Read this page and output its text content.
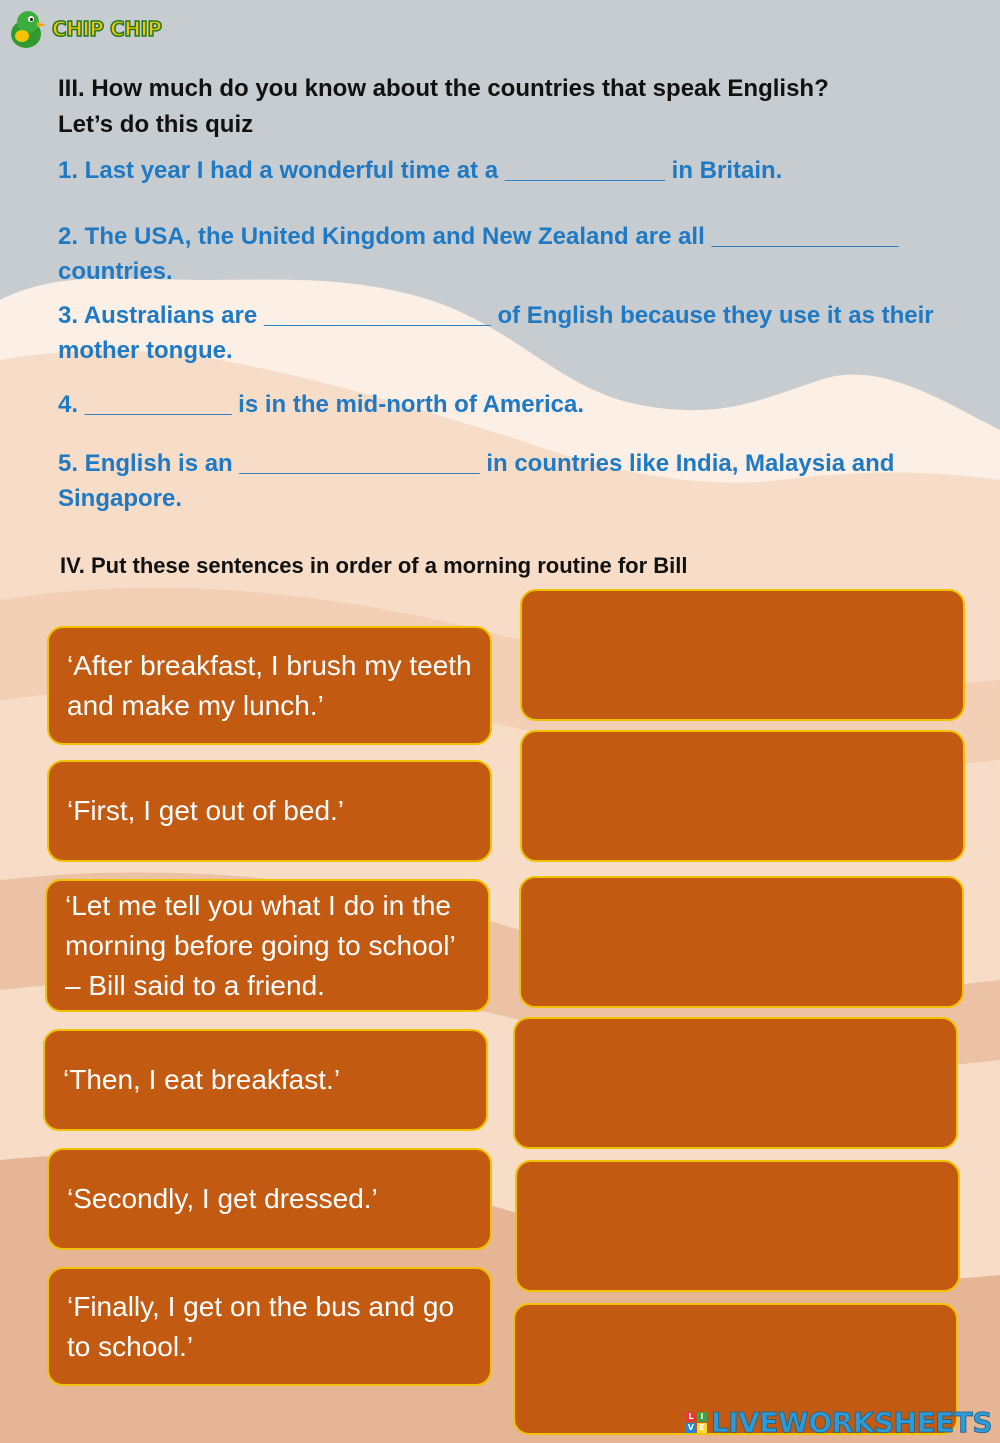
CHIP CHIP
III. How much do you know about the countries that speak English?
Let’s do this quiz
1. Last year I had a wonderful time at a ____________ in Britain.
2. The USA, the United Kingdom and New Zealand are all ______________ countries.
3. Australians are _________________ of English because they use it as their mother tongue.
4. ___________ is in the mid-north of America.
5. English is an __________________ in countries like India, Malaysia and Singapore.
IV. Put these sentences in order of a morning routine for Bill
‘After breakfast, I brush my teeth and make my lunch.’
‘First, I get out of bed.’
‘Let me tell you what I do in the morning before going to school’ – Bill said to a friend.
‘Then, I eat breakfast.’
‘Secondly, I get dressed.’
‘Finally, I get on the bus and go to school.’
L I
V E LIVEWORKSHEETS
